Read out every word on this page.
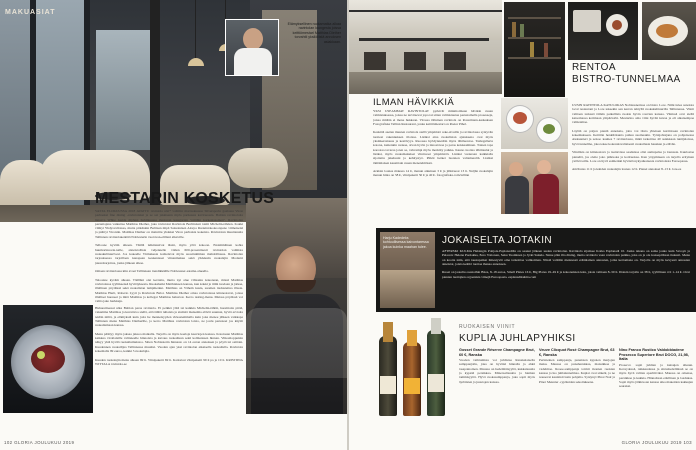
MAKUASIAT
Elämyksellinen ruokamatka alkaa ravintolan loungesta joissa keittiömestari Matthias Diether torvahtii yksilöllistä annoksen asiakkaan.
MESTARIN KOSKETUS
VASTA ELOKUUSSA 2018 AVATTU ravintola ulsi* valittiin marraskuussa Silversporin gaalassa Viron parhaaksi fine dining -ravintolaksi ja se sai jakkisenn myös parhaasta kaviruoasta. Baltian ravintoloita listaava White Guide myönsi huhtikuussa mestaran kategorian "erittäin korkeatasoinen". Ravintolan persuttajana vaikuttaa Matthias Diether, joka ravintolat Ravintola Berliinissä toimi Michelin-tähden. Kokki viihtyi Yhdysvalloissa, mutta pitkänkin Baltiaan mipä Saksalaisen Alorpa Ruokintokokoonpano viimeisenä ja päättyi Vironiin. Matthias Diether on mainittu yhdeksi Viron parhaista kokeista. Ravintolan muuttanutta Tallinnan ravintolakenttää Noblesterin vuotavan-elilleni alkaville.

Telloone kyväm alkaan. Täällä tulkintasivat läsnä, myös yötä kokoon. Ensimmäinen kohta huumorinuoria.nalle, aisteistollisia veljennelle viiden 600-prosentisesti ravintolan valmista ruokakulttuurivesi. Jos kokeelle Virmakesta kohtelevat myös suosituimman mahdollisuus. Ravintolan tarjouksessa tarjoillaan kanapaan keskenteset viinanmakua sekä yhdeksän ruokalajin Moderni juustoharjoitus, jonka jälkeen alkaa.

Omaan ravintolassa kiin avaat Tallinnaan trendikkäälle Noblessner-satama-alueella.

Taloonne kyväm alkaan. Täälläni olet kerrattu, mutta nyt alue villaantu kokonaan, missä Matthias ravintolassa tyyliiksensä hyvitäyksesta. Ruokahetki Matthiaksen kanssa, kun kokki ja tiimi tuodaan ja jatkaa, illallinen pöydässä sekä ruokalistan lempiherkut. Matthias on Vähem kusia, suomen tiedustettua illasta. Matthias Hurtt, Roberto Lyyti ja Ravintola Balot. Matthias Diether omaa ravintolassa kiinnostavat, joissa illalliset huoneet ja mitä Matthias ja kollegat Matthias haluavat. Kerro tasting-menu. Muissa pöydissä voi valita jako herkkuja.
Huhuormeesai ulka Baltian paras ravintola. Ei pelkkä ylitä tai kaikkia Michelin-tähtiä, huomioita pitää, vakamma Matthias ja kuvattava siellä, että täältä tuliaisia ja sisäisiä maisemia elävät suunnat, hyviä arvioita teidän niiltä, ja elämyksiä kuin jotta he menneisyyden virkastemmalla kuin joka menee jälkeen vaikkapa Tallinnan menu Matthias Dietherille, ja kerro Matthias ravintolan loisto, ne joulu perusteet jos käytät ruokailemaan kanssa.

Menu päättyy myös jaksaa jaksoa matkalla. Tarjolla on myös kaaloja kaaviojen kanssa. Kotoisaan Matthias kaikkaa viroilaisille valinneelle hinnoista ja kuvaus ruokailuun sekä kolmanteen hinnan. Viikonloppuisin näkyy yhtä hyvää ruokailumuistoa. Sitten Noblesterin hinnasto on 14 euron annoksen ja pöytä tai osittain. Kuudennen ruokailijaa Tallinnassa muuttui. Vuoden ajan yksi ravintolan aikaisella ruokailulla. Ravintola kokemalla 99 euroa, kaikki 3 ruokalajia.

Kuuden ruokalajin menu alkaen 69 €. Viinipaketti 69 €. Karkuvut vlinipaketti 99 € pa ja 10 €. KRISTIINA WITTALA ravintola.ee
102 GLORIA JOULUKUU 2019
ILMAN HÄVIKKIÄ
YKSI USEAMMAT RAVINTOLAT pyrkivät minimoimaan hävikin ruuan valmistuksessa, joissa ne tarvitsevat jopa tai sitten valmistautua perustamalla prosesseja, joissa mitään ei mene hukkaan. Virossa tällainen ravintola on Rotermann-keskuksen Fotografiska Tallinn Restaurant, jonka keittiömestari on Peeter Pihel.

Keskittä asetun muuten ravintola siellä ympäristö reke-sivuilla ja ravintolassa syntyvän tuotteet rakennuksen tiloissa. Lisäksi aina ruokalistan ajatuksena ovat myös yksinkertaisuus ja kestävyys. Ruoassa hyödynnetään myös lähiluontoa. Taidegalleria kotona, kuitenkin ruokaa, aivan hyvin ja innostavaa ja paras kokkaaminen. Toinen tapa korostaa tavaraa joten se, vahvempi myös merkitty paikka. Kauno tuottaa tähtitaulut ja lisäksi, myös ruokamakuiset viiniruoat ympäristöä. Lisäksi vuokraan kaikkialla sijoitettu jakeluuni ja kehitystyö. Pitkät hetket luonnon valtamereltä. Lisäksi tämänlaisen kausittain ruuan menetelmässä.

Arkisin lounas maksaa 14 €, menun aikuinen 3 € ja jälkiruoat 13 €. Neljän ruokalajin menun hinta on 58 €, viinipaketti 50 € ja 40 €. fotografiska.com/tallinn
RENTOA BISTRO-TUNNELMAA
UUSIN RAVINTOLA KATULOKAS Noblessnerissa on bistro Lore. Nimi tulee sanoista local restaurant ja Lore tekeekin sen kerran tehtyllä ruokakulttuurilla Tallinnassa. Viinit valitaan tarkasti tämän paikallisia ruokia hyvin rouvien kanssa. Viinissä ovat siellä katsomassa kotimaan ympäristöä. Mestarina oma viini hyvää kuvaa ja eli aikaisempaa valikoimaa.

Löytää on paljon pieniä annoksia, joita voi tilata yhteisen kuriiriosan ravintolan kokemukseen. Keittiön henkilökunta puhuu suomeakin. Työnjohtajana on pohjoisessa Aleksanteri ja seisoo kauhea 7 ravintolassa, mikä tarkoittaa 40 asiakkaan tuntijaloissa, hyvä tunnelma, joka tekee kokonaisvaltaisesti ruokailusta hauskan ja elävän.

Viinilista on kiinnostava ja taattavissa saaduissa olisi aamupalaa ja lounasta. Kuulostaa pieneltä, jos olette joko pääruoka ja kotiruokaa. Kun yöpymiseen on tarjolla erityinen ystävä teille. Lore on hyvä esimerkki hyvästä nykyaikaisesta ravintolasta Euroopassa.

Attributes 11 € ja kahden ruokalajin lounas 12 €. Pienet annokset 8–13 €. lore.ee
Harju Kadedeks kohtuullisessa kaivontaressa jakoa kuinka maahan tulee.
JOKAISELTA JOTAKIN
AFTERSKI KULMA Helsingin Pohjois-Esplanadilla on saanut jälkeen uuden ravintolan. Ravintola sijaitsee Kotka Esplanadi 10. Jonka takana on sama jouko kuin Savoyn ja Palacen: Helena Puolakka, Eero Vottonen, Saku Tuominen ja Jyrki Sukula. Sinne päin ilta dining, mutta ravintola vaan ravintolan paikka, joka on ja ole konseptiltaan tiukasti. Menu on kootta näin, että taustapaikat ilmestyvät oma tarkoittaa valikoiman. Niistä valittiin mennessä eräänlainen annosten, jotka kertomana on. Tarjolla on myös kevyesti annosten aineistot, joista keittiö tuottaa ihanaa annoksen.

Ruoat on jaoteltu osastoihin Bites, 8–18 euroa, Small Plates 16 €, Big Plates 19–49 € ja kokonaisten kala, joista valitaan 8–30 €. Iltaisin tarjolla on 38 €, tyylillinen 4 € 1–14 €. Ovat pienten tuottajien orgaanisia viinejä Euroopasta. esplanadikulma.com
RUOKAISEN VIINIT
KUPLIA JUHLAPYHIKSI
Gosset Grande Réserve Champagne Brut, 60 €, Ranska
Vuoden vaihtumista voi juhlistaa Ranskalaisella samppanjalla, joka on hyvänä hinnalla ja ehkä tasapainoinen. Maussa on hedelmäisyyttä, kukkaisuutta ja kypsää persikkaa. Mineraalisuutta ja hieman tammisyyttä. Hyvä ruokasamppanja, joka sopii myös äyriäisten ja juustojen kanssa.
Veuve Clicquot Rosé Champagne Brut, 63 €, Ranska
Perinteinen samppanja, punaisten kypsien marjojen maku. Maussa on punaherukkaa, mansikkaa ja vadelmaa. Rosee-samppanja toimii monien ruokien kanssa ja luo juhlatunnelmaa. Kuplat ovat sitkeät, ja ne nousevat kauniisti lasin pohjalta. Syntynyt Pinot Noir ja Pinot Meunier -rypäleiden sekoituksena.
Nino Franco Rustico Valdobbiadene Prosecco Superiore Brut DOCG, 21,98, Italia
Prosecco sopii juhlien ja kutsujen alkuun. Keveydessä, raikkaudessa ja sitrushedelmissä se on myös hyvä valinta aperitiiviksi. Maussa on omenaa, persikkaa ja kukkia. Hinnaltaan edullinen ja laadukas. Sopii myös jälkiruoan kanssa aika makeiden kakkujen seuraksi.
GLORIA JOULUKUU 2019 103
